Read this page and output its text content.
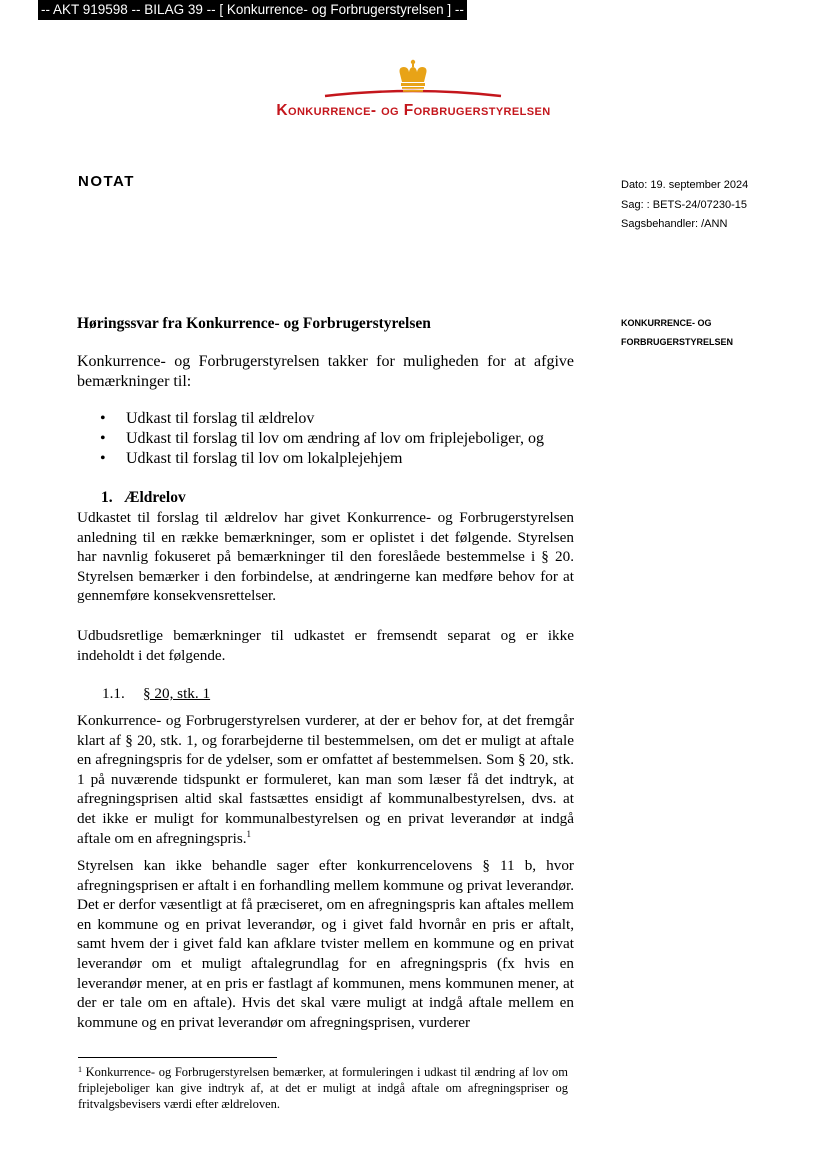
-- AKT 919598 -- BILAG 39 -- [ Konkurrence- og Forbrugerstyrelsen ] --
Konkurrence- og Forbrugerstyrelsen
NOTAT	Dato: 19. september 2024
Sag: : BETS-24/07230-15
Sagsbehandler: /ANN
KONKURRENCE- OG
FORBRUGERSTYRELSEN
Høringssvar fra Konkurrence- og Forbrugerstyrelsen

Konkurrence- og Forbrugerstyrelsen takker for muligheden for at afgive bemærkninger til:

• Udkast til forslag til ældrelov
• Udkast til forslag til lov om ændring af lov om friplejeboliger, og
• Udkast til forslag til lov om lokalplejehjem
1. Ældrelov

Udkastet til forslag til ældrelov har givet Konkurrence- og Forbrugerstyrelsen anledning til en række bemærkninger, som er oplistet i det følgende. Styrelsen har navnlig fokuseret på bemærkninger til den foreslåede bestemmelse i § 20. Styrelsen bemærker i den forbindelse, at ændringerne kan medføre behov for at gennemføre konsekvensrettelser.

Udbudsretlige bemærkninger til udkastet er fremsendt separat og er ikke indeholdt i det følgende.

1.1. § 20, stk. 1

Konkurrence- og Forbrugerstyrelsen vurderer, at der er behov for, at det fremgår klart af § 20, stk. 1, og forarbejderne til bestemmelsen, om det er muligt at aftale en afregningspris for de ydelser, som er omfattet af bestemmelsen. Som § 20, stk. 1 på nuværende tidspunkt er formuleret, kan man som læser få det indtryk, at afregningsprisen altid skal fastsættes ensidigt af kommunalbestyrelsen, dvs. at det ikke er muligt for kommunalbestyrelsen og en privat leverandør at indgå aftale om en afregningspris.$^1$

Styrelsen kan ikke behandle sager efter konkurrencelovens § 11 b, hvor afregningsprisen er aftalt i en forhandling mellem kommune og privat leverandør. Det er derfor væsentligt at få præciseret, om en afregningspris kan aftales mellem en kommune og en privat leverandør, og i givet fald hvornår en pris er aftalt, samt hvem der i givet fald kan afklare tvister mellem en kommune og en privat leverandør om et muligt aftalegrundlag for en afregningspris (fx hvis en leverandør mener, at en pris er fastlagt af kommunen, mens kommunen mener, at der er tale om en aftale). Hvis det skal være muligt at indgå aftale mellem en kommune og en privat leverandør om afregningsprisen, vurderer

$^1$ Konkurrence- og Forbrugerstyrelsen bemærker, at formuleringen i udkast til ændring af lov om friplejeboliger kan give indtryk af, at det er muligt at indgå aftale om afregningspriser og fritvalgsbevisers værdi efter ældreloven.
